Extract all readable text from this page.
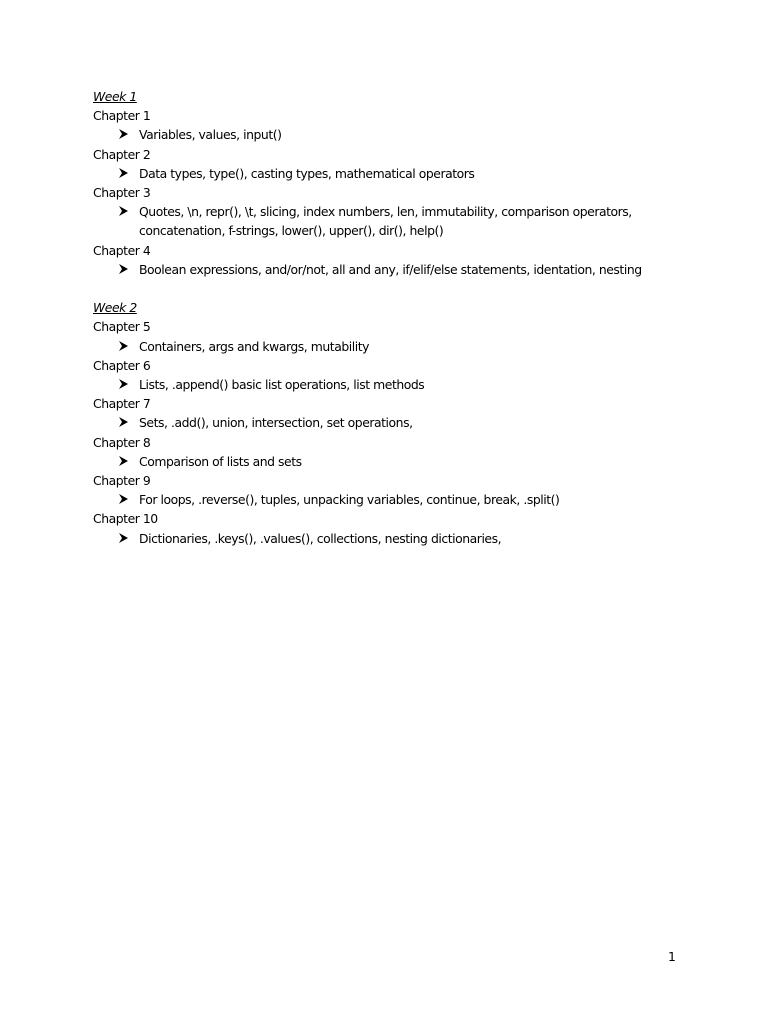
Week 1
Chapter 1
Variables, values, input()
Chapter 2
Data types, type(), casting types, mathematical operators
Chapter 3
Quotes, \n, repr(), \t, slicing, index numbers, len, immutability, comparison operators, concatenation, f-strings, lower(), upper(), dir(), help()
Chapter 4
Boolean expressions, and/or/not, all and any, if/elif/else statements, identation, nesting
Week 2
Chapter 5
Containers, args and kwargs, mutability
Chapter 6
Lists, .append() basic list operations, list methods
Chapter 7
Sets, .add(), union, intersection, set operations,
Chapter 8
Comparison of lists and sets
Chapter 9
For loops, .reverse(), tuples, unpacking variables, continue, break, .split()
Chapter 10
Dictionaries, .keys(), .values(), collections, nesting dictionaries,
1
